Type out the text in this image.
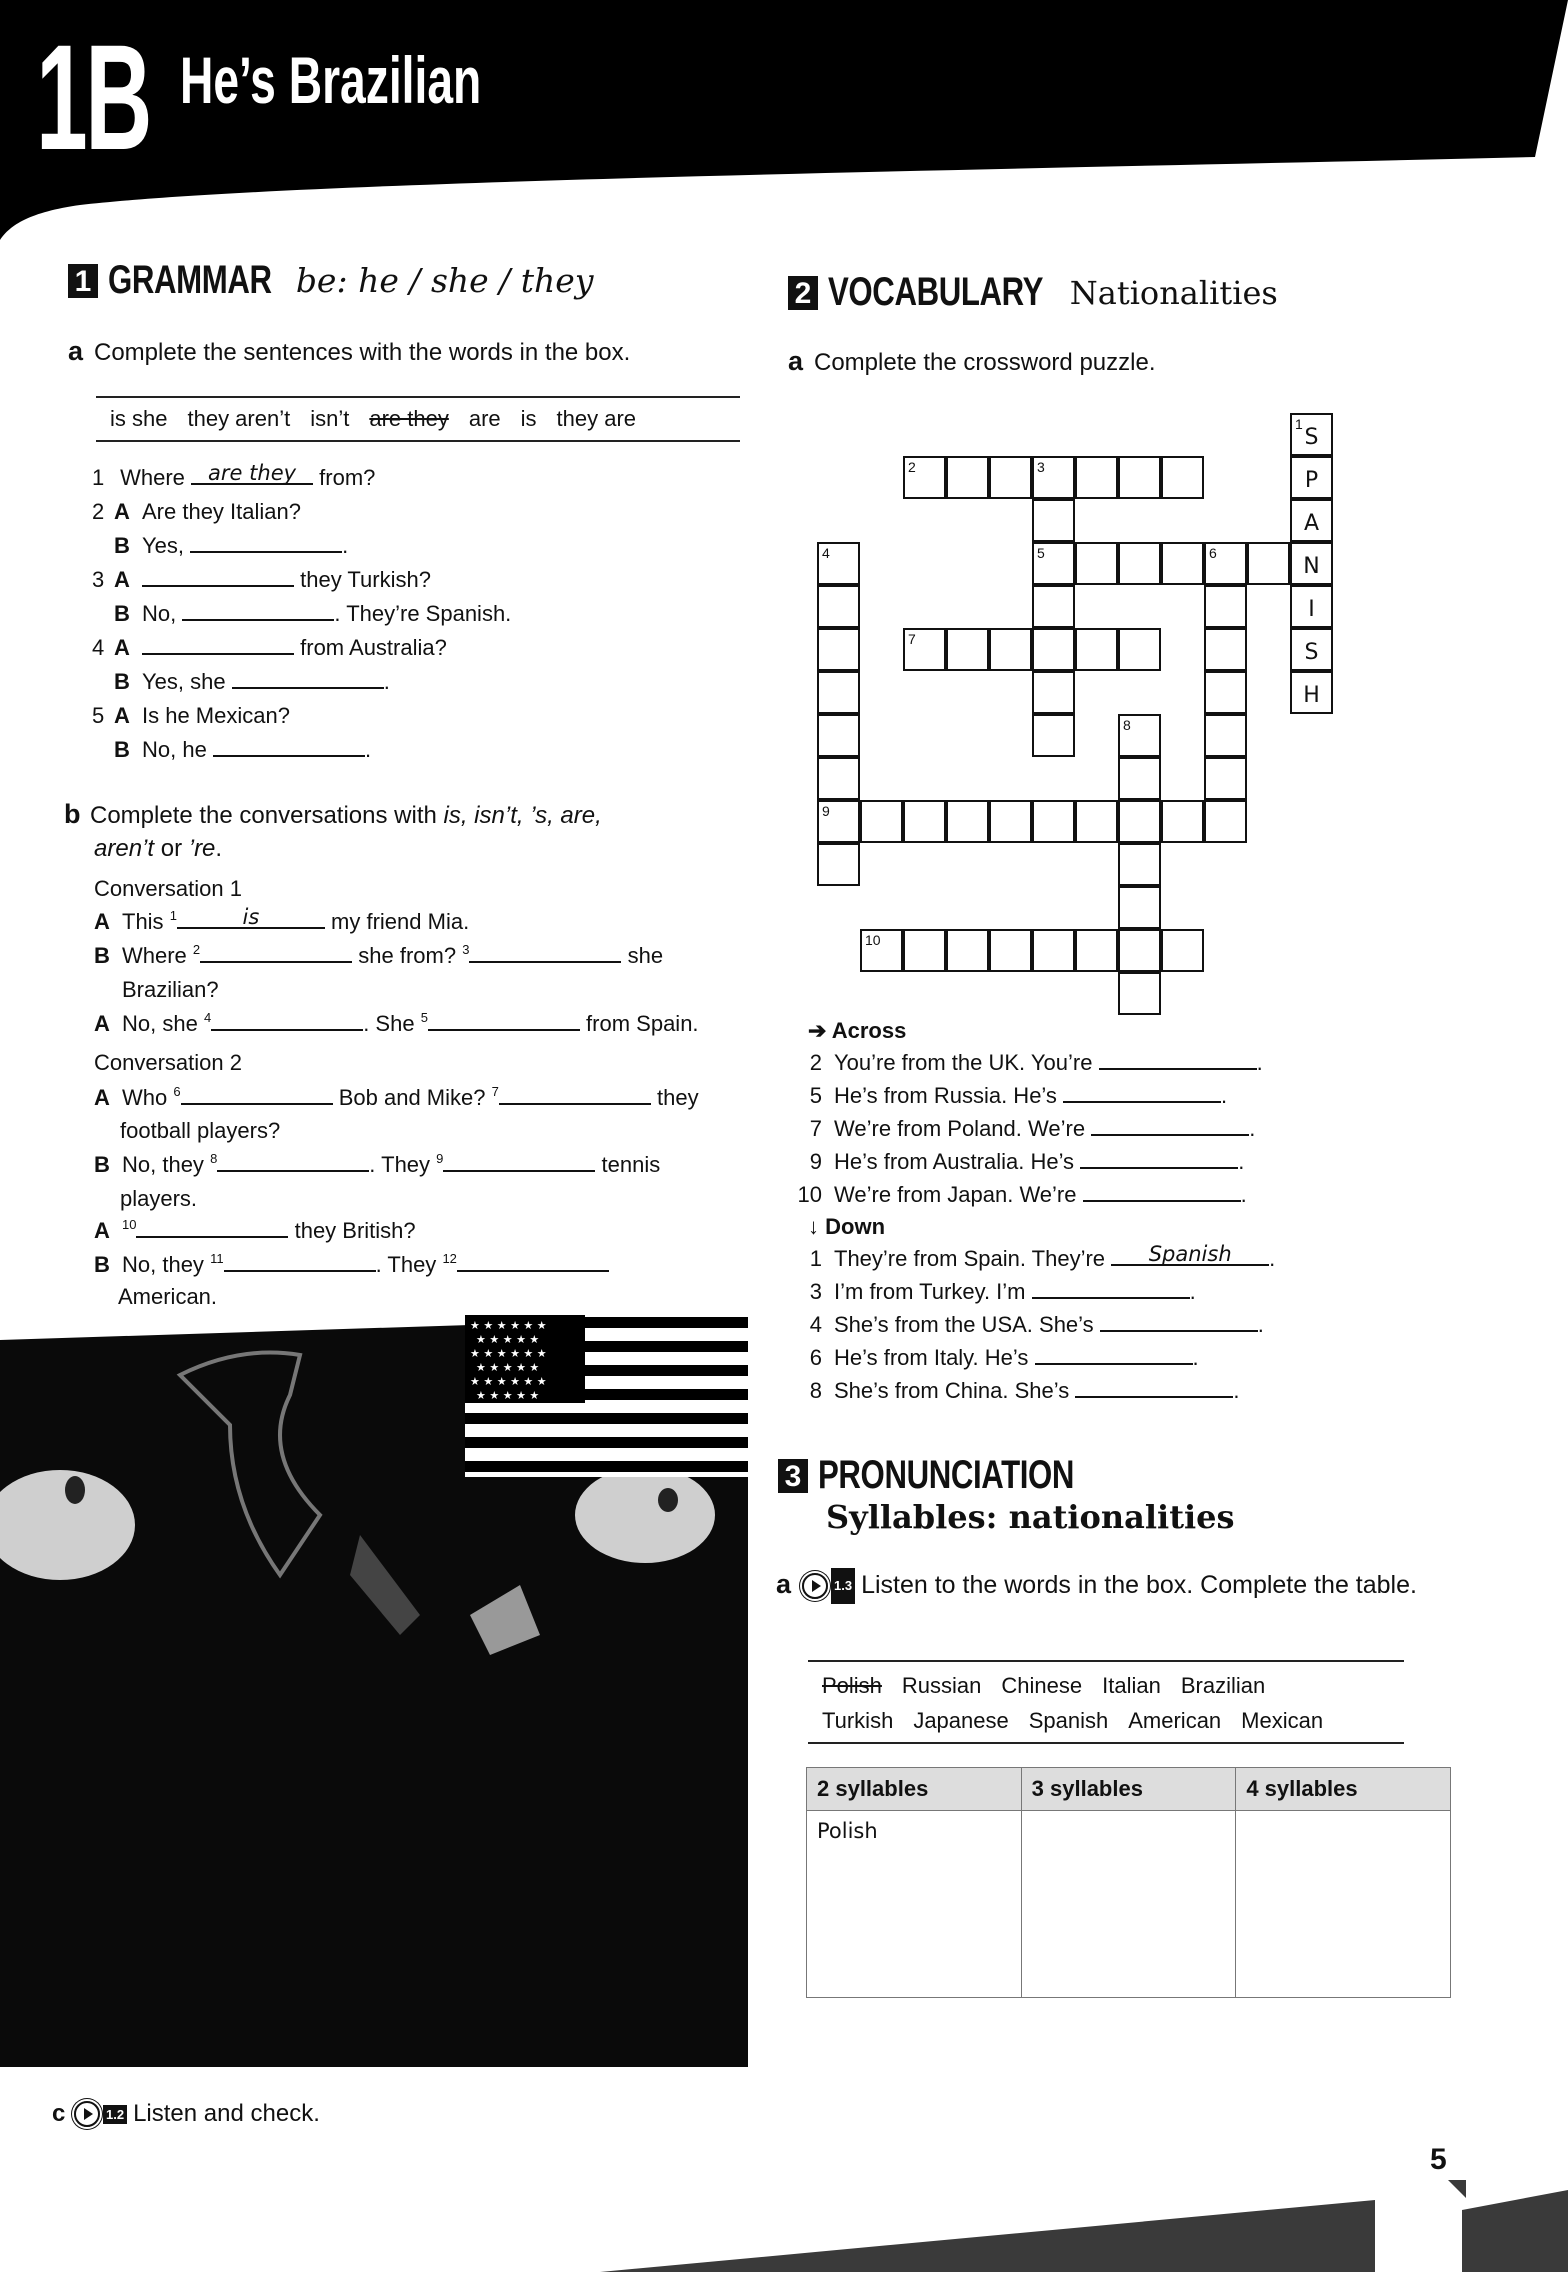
1B He’s Brazilian
1 GRAMMAR be: he / she / they
a Complete the sentences with the words in the box.
is she they aren’t isn’t are they are is they are
1 Where	are they	from?
2 A Are they Italian?
B Yes,	.
3 A	they Turkish?
B No,	. They’re Spanish.
4 A	from Australia?
B Yes, she	.
5 A Is he Mexican?
B No, he	.
b Complete the conversations with is, isn’t, ’s, are,
aren’t or ’re.
Conversation 1
A This $^1$	is	my friend Mia.
B Where $^2$	she from? $^3$	she
Brazilian?
A No, she $^4$	. She $^5$	from Spain.
Conversation 2
A Who $^6$	Bob and Mike? $^7$	they
football players?
B No, they $^8$	. They $^9$	tennis
players.
A $^{10}$	they British?
B No, they $^{11}$	. They $^{12}$
American.
★ ★ ★ ★ ★ ★
★ ★ ★ ★ ★
★ ★ ★ ★ ★ ★
★ ★ ★ ★ ★
★ ★ ★ ★ ★ ★
★ ★ ★ ★ ★
c	1.2 Listen and check.
2 VOCABULARY Nationalities
a Complete the crossword puzzle.
1
S
P
A
N
I
S
H
2	3
5
4
9
6
7
8
10
➔ Across
2 You’re from the UK. You’re	.
5 He’s from Russia. He’s	.
7 We’re from Poland. We’re	.
9 He’s from Australia. He’s	.
10 We’re from Japan. We’re	.
↓ Down
1 They’re from Spain. They’re	Spanish	.
3 I’m from Turkey. I’m	.
4 She’s from the USA. She’s	.
6 He’s from Italy. He’s	.
8 She’s from China. She’s	.
3 PRONUNCIATION
Syllables: nationalities
a	1.3 Listen to the words in the box. Complete the table.
Polish Russian Chinese Italian Brazilian
Turkish Japanese Spanish American Mexican
2 syllables	3 syllables	4 syllables
Polish		
5
